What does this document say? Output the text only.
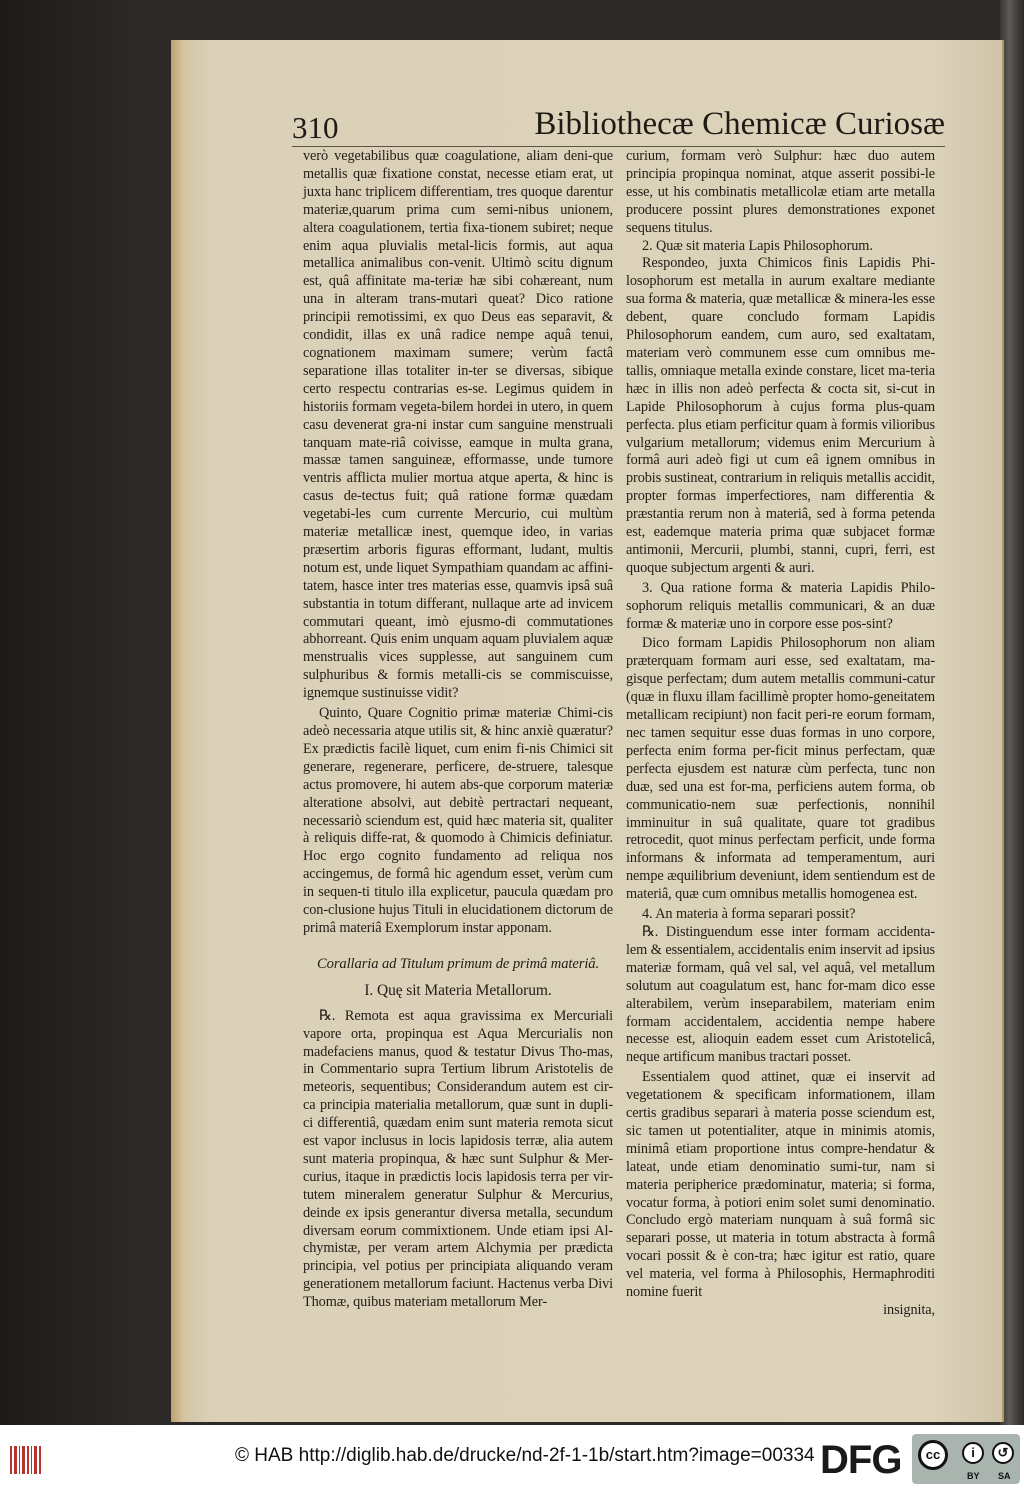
310	Bibliothecæ Chemicæ Curiosæ

verò vegetabilibus quæ coagulatione, aliam deni-que metallis quæ fixatione constat, necesse etiam erat, ut juxta hanc triplicem differentiam, tres quoque darentur materiæ,quarum prima cum semi-nibus unionem, altera coagulationem, tertia fixa-tionem subiret; neque enim aqua pluvialis metal-licis formis, aut aqua metallica animalibus con-venit. Ultimò scitu dignum est, quâ affinitate ma-teriæ hæ sibi cohæreant, num una in alteram trans-mutari queat? Dico ratione principii remotissimi, ex quo Deus eas separavit, & condidit, illas ex unâ radice nempe aquâ tenui, cognationem maximam sumere; verùm factâ separatione illas totaliter in-ter se diversas, sibique certo respectu contrarias es-se. Legimus quidem in historiis formam vegeta-bilem hordei in utero, in quem casu devenerat gra-ni instar cum sanguine menstruali tanquam mate-riâ coivisse, eamque in multa grana, massæ tamen sanguineæ, efformasse, unde tumore ventris afflicta mulier mortua atque aperta, & hinc is casus de-tectus fuit; quâ ratione formæ quædam vegetabi-les cum currente Mercurio, cui multùm materiæ metallicæ inest, quemque ideo, in varias præsertim arboris figuras efformant, ludant, multis notum est, unde liquet Sympathiam quandam ac affini-tatem, hasce inter tres materias esse, quamvis ipsâ suâ substantia in totum differant, nullaque arte ad invicem commutari queant, imò ejusmo-di commutationes abhorreant. Quis enim unquam aquam pluvialem aquæ menstrualis vices supplesse, aut sanguinem cum sulphuribus & formis metalli-cis se commiscuisse, ignemque sustinuisse vidit?

Quinto, Quare Cognitio primæ materiæ Chimi-cis adeò necessaria atque utilis sit, & hinc anxiè quæratur? Ex prædictis facilè liquet, cum enim fi-nis Chimici sit generare, regenerare, perficere, de-struere, talesque actus promovere, hi autem abs-que corporum materiæ alteratione absolvi, aut debitè pertractari nequeant, necessariò sciendum est, quid hæc materia sit, qualiter à reliquis diffe-rat, & quomodo à Chimicis definiatur. Hoc ergo cognito fundamento ad reliqua nos accingemus, de formâ hic agendum esset, verùm cum in sequen-ti titulo illa explicetur, paucula quædam pro con-clusione hujus Tituli in elucidationem dictorum de primâ materiâ Exemplorum instar apponam.

Corallaria ad Titulum primum de primâ materiâ.

I. Quę sit Materia Metallorum.

℞. Remota est aqua gravissima ex Mercuriali vapore orta, propinqua est Aqua Mercurialis non madefaciens manus, quod & testatur Divus Tho-mas, in Commentario supra Tertium librum Aristotelis de meteoris, sequentibus; Considerandum autem est cir-ca principia materialia metallorum, quæ sunt in dupli-ci differentiâ, quædam enim sunt materia remota sicut est vapor inclusus in locis lapidosis terræ, alia autem sunt materia propinqua, & hæc sunt Sulphur & Mer-curius, itaque in prædictis locis lapidosis terra per vir-tutem mineralem generatur Sulphur & Mercurius, deinde ex ipsis generantur diversa metalla, secundum diversam eorum commixtionem. Unde etiam ipsi Al-chymistæ, per veram artem Alchymia per prædicta principia, vel potius per principiata aliquando veram generationem metallorum faciunt. Hactenus verba Divi Thomæ, quibus materiam metallorum Mer-

curium, formam verò Sulphur: hæc duo autem principia propinqua nominat, atque asserit possibi-le esse, ut his combinatis metallicolæ etiam arte metalla producere possint plures demonstrationes exponet sequens titulus.

2. Quæ sit materia Lapis Philosophorum.

Respondeo, juxta Chimicos finis Lapidis Phi-losophorum est metalla in aurum exaltare mediante sua forma & materia, quæ metallicæ & minera-les esse debent, quare concludo formam Lapidis Philosophorum eandem, cum auro, sed exaltatam, materiam verò communem esse cum omnibus me-tallis, omniaque metalla exinde constare, licet ma-teria hæc in illis non adeò perfecta & cocta sit, si-cut in Lapide Philosophorum à cujus forma plus-quam perfecta. plus etiam perficitur quam à formis vilioribus vulgarium metallorum; videmus enim Mercurium à formâ auri adeò figi ut cum eâ ignem omnibus in probis sustineat, contrarium in reliquis metallis accidit, propter formas imperfectiores, nam differentia & præstantia rerum non à materiâ, sed à forma petenda est, eademque materia prima quæ subjacet formæ antimonii, Mercurii, plumbi, stanni, cupri, ferri, est quoque subjectum argenti & auri.

3. Qua ratione forma & materia Lapidis Philo-sophorum reliquis metallis communicari, & an duæ formæ & materiæ uno in corpore esse pos-sint?

Dico formam Lapidis Philosophorum non aliam præterquam formam auri esse, sed exaltatam, ma-gisque perfectam; dum autem metallis communi-catur (quæ in fluxu illam facillimè propter homo-geneitatem metallicam recipiunt) non facit peri-re eorum formam, nec tamen sequitur esse duas formas in uno corpore, perfecta enim forma per-ficit minus perfectam, quæ perfecta ejusdem est naturæ cùm perfecta, tunc non duæ, sed una est for-ma, perficiens autem forma, ob communicatio-nem suæ perfectionis, nonnihil imminuitur in suâ qualitate, quare tot gradibus retrocedit, quot minus perfectam perficit, unde forma informans & informata ad temperamentum, auri nempe æquilibrium deveniunt, idem sentiendum est de materiâ, quæ cum omnibus metallis homogenea est.

4. An materia à forma separari possit?

℞. Distinguendum esse inter formam accidenta-lem & essentialem, accidentalis enim inservit ad ipsius materiæ formam, quâ vel sal, vel aquâ, vel metallum solutum aut coagulatum est, hanc for-mam dico esse alterabilem, verùm inseparabilem, materiam enim formam accidentalem, accidentia nempe habere necesse est, alioquin eadem esset cum Aristotelicâ, neque artificum manibus tractari posset.

Essentialem quod attinet, quæ ei inservit ad vegetationem & specificam informationem, illam certis gradibus separari à materia posse sciendum est, sic tamen ut potentialiter, atque in minimis atomis, minimâ etiam proportione intus compre-hendatur & lateat, unde etiam denominatio sumi-tur, nam si materia peripherice prædominatur, materia; si forma, vocatur forma, à potiori enim solet sumi denominatio. Concludo ergò materiam nunquam à suâ formâ sic separari posse, ut materia in totum abstracta à formâ vocari possit & è con-tra; hæc igitur est ratio, quare vel materia, vel forma à Philosophis, Hermaphroditi nomine fuerit

insignita,

© HAB http://diglib.hab.de/drucke/nd-2f-1-1b/start.htm?image=00334 DFG	cc	i	↺
BY SA
